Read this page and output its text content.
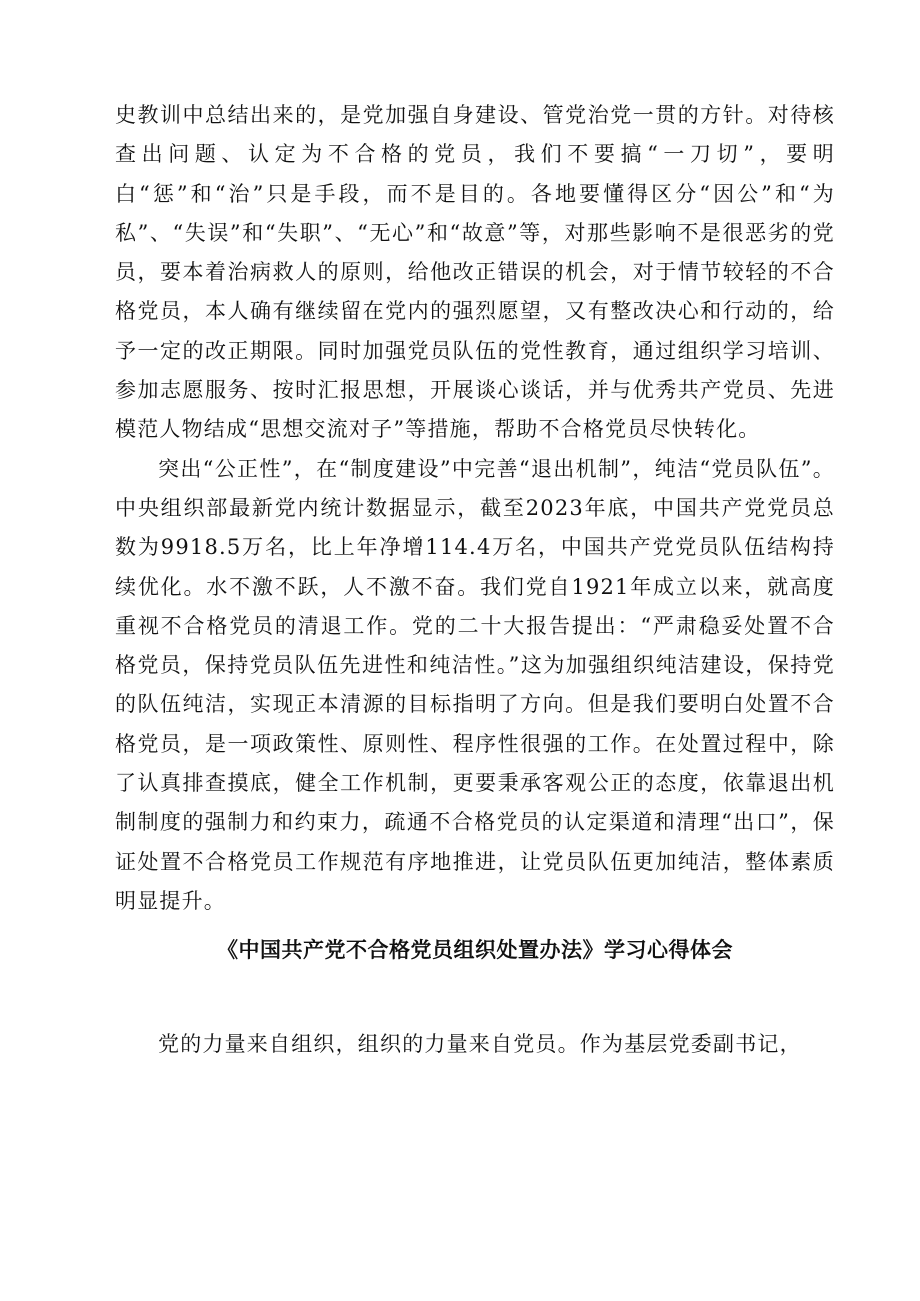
史教训中总结出来的，是党加强自身建设、管党治党一贯的方针。对待核查出问题、认定为不合格的党员，我们不要搞“一刀切”，要明白“惩”和“治”只是手段，而不是目的。各地要懂得区分“因公”和“为私”、“失误”和“失职”、“无心”和“故意”等，对那些影响不是很恶劣的党员，要本着治病救人的原则，给他改正错误的机会，对于情节较轻的不合格党员，本人确有继续留在党内的强烈愿望，又有整改决心和行动的，给予一定的改正期限。同时加强党员队伍的党性教育，通过组织学习培训、参加志愿服务、按时汇报思想，开展谈心谈话，并与优秀共产党员、先进模范人物结成“思想交流对子”等措施，帮助不合格党员尽快转化。

突出“公正性”，在“制度建设”中完善“退出机制”，纯洁“党员队伍”。中央组织部最新党内统计数据显示，截至2023年底，中国共产党党员总数为9918.5万名，比上年净增114.4万名，中国共产党党员队伍结构持续优化。水不激不跃，人不激不奋。我们党自1921年成立以来，就高度重视不合格党员的清退工作。党的二十大报告提出：“严肃稳妥处置不合格党员，保持党员队伍先进性和纯洁性。”这为加强组织纯洁建设，保持党的队伍纯洁，实现正本清源的目标指明了方向。但是我们要明白处置不合格党员，是一项政策性、原则性、程序性很强的工作。在处置过程中，除了认真排查摸底，健全工作机制，更要秉承客观公正的态度，依靠退出机制制度的强制力和约束力，疏通不合格党员的认定渠道和清理“出口”，保证处置不合格党员工作规范有序地推进，让党员队伍更加纯洁，整体素质明显提升。

《中国共产党不合格党员组织处置办法》学习心得体会

党的力量来自组织，组织的力量来自党员。作为基层党委副书记，
